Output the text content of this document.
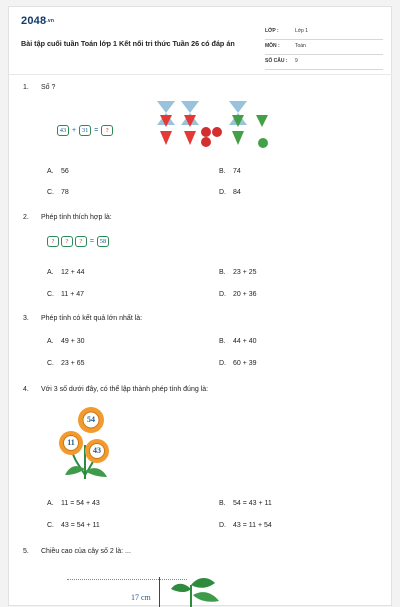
2048.vn
Bài tập cuối tuần Toán lớp 1 Kết nối tri thức Tuần 26 có đáp án
LỚP :	Lớp 1
MÔN :	Toán
SỐ CÂU : 9
1. Số ?
43 + 31 = ?
A. 56	B. 74
C. 78	D. 84
2. Phép tính thích hợp là:
? ? ? = 58
A. 12 + 44	B. 23 + 25
C. 11 + 47	D. 20 + 36
3. Phép tính có kết quả lớn nhất là:
A. 49 + 30	B. 44 + 40
C. 23 + 65	D. 60 + 39
4. Với 3 số dưới đây, có thể lập thành phép tính đúng là:
54
11
43
A. 11 = 54 + 43	B. 54 = 43 + 11
C. 43 = 54 + 11	D. 43 = 11 + 54
5. Chiều cao của cây số 2 là: ...
17 cm
